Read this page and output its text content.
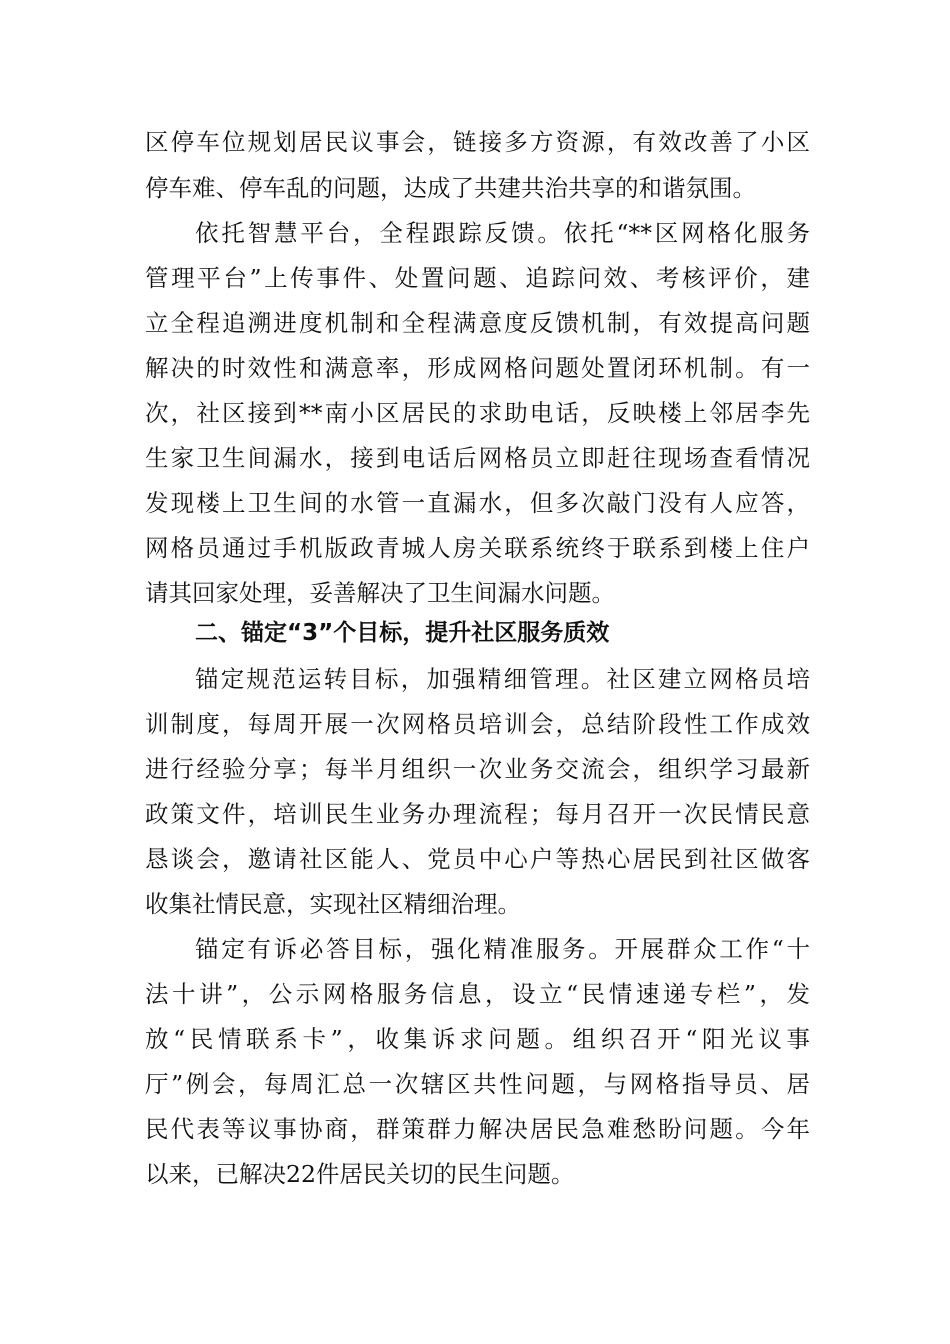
区停车位规划居民议事会，链接多方资源，有效改善了小区
停车难、停车乱的问题，达成了共建共治共享的和谐氛围。
依托智慧平台，全程跟踪反馈。依托“**区网格化服务
管理平台”上传事件、处置问题、追踪问效、考核评价，建
立全程追溯进度机制和全程满意度反馈机制，有效提高问题
解决的时效性和满意率，形成网格问题处置闭环机制。有一
次，社区接到**南小区居民的求助电话，反映楼上邻居李先
生家卫生间漏水，接到电话后网格员立即赶往现场查看情况
发现楼上卫生间的水管一直漏水，但多次敲门没有人应答，
网格员通过手机版政青城人房关联系统终于联系到楼上住户
请其回家处理，妥善解决了卫生间漏水问题。
二、锚定“3”个目标，提升社区服务质效
锚定规范运转目标，加强精细管理。社区建立网格员培
训制度，每周开展一次网格员培训会，总结阶段性工作成效
进行经验分享；每半月组织一次业务交流会，组织学习最新
政策文件，培训民生业务办理流程；每月召开一次民情民意
恳谈会，邀请社区能人、党员中心户等热心居民到社区做客
收集社情民意，实现社区精细治理。
锚定有诉必答目标，强化精准服务。开展群众工作“十
法十讲”，公示网格服务信息，设立“民情速递专栏”，发
放“民情联系卡”，收集诉求问题。组织召开“阳光议事
厅”例会，每周汇总一次辖区共性问题，与网格指导员、居
民代表等议事协商，群策群力解决居民急难愁盼问题。今年
以来，已解决22件居民关切的民生问题。
